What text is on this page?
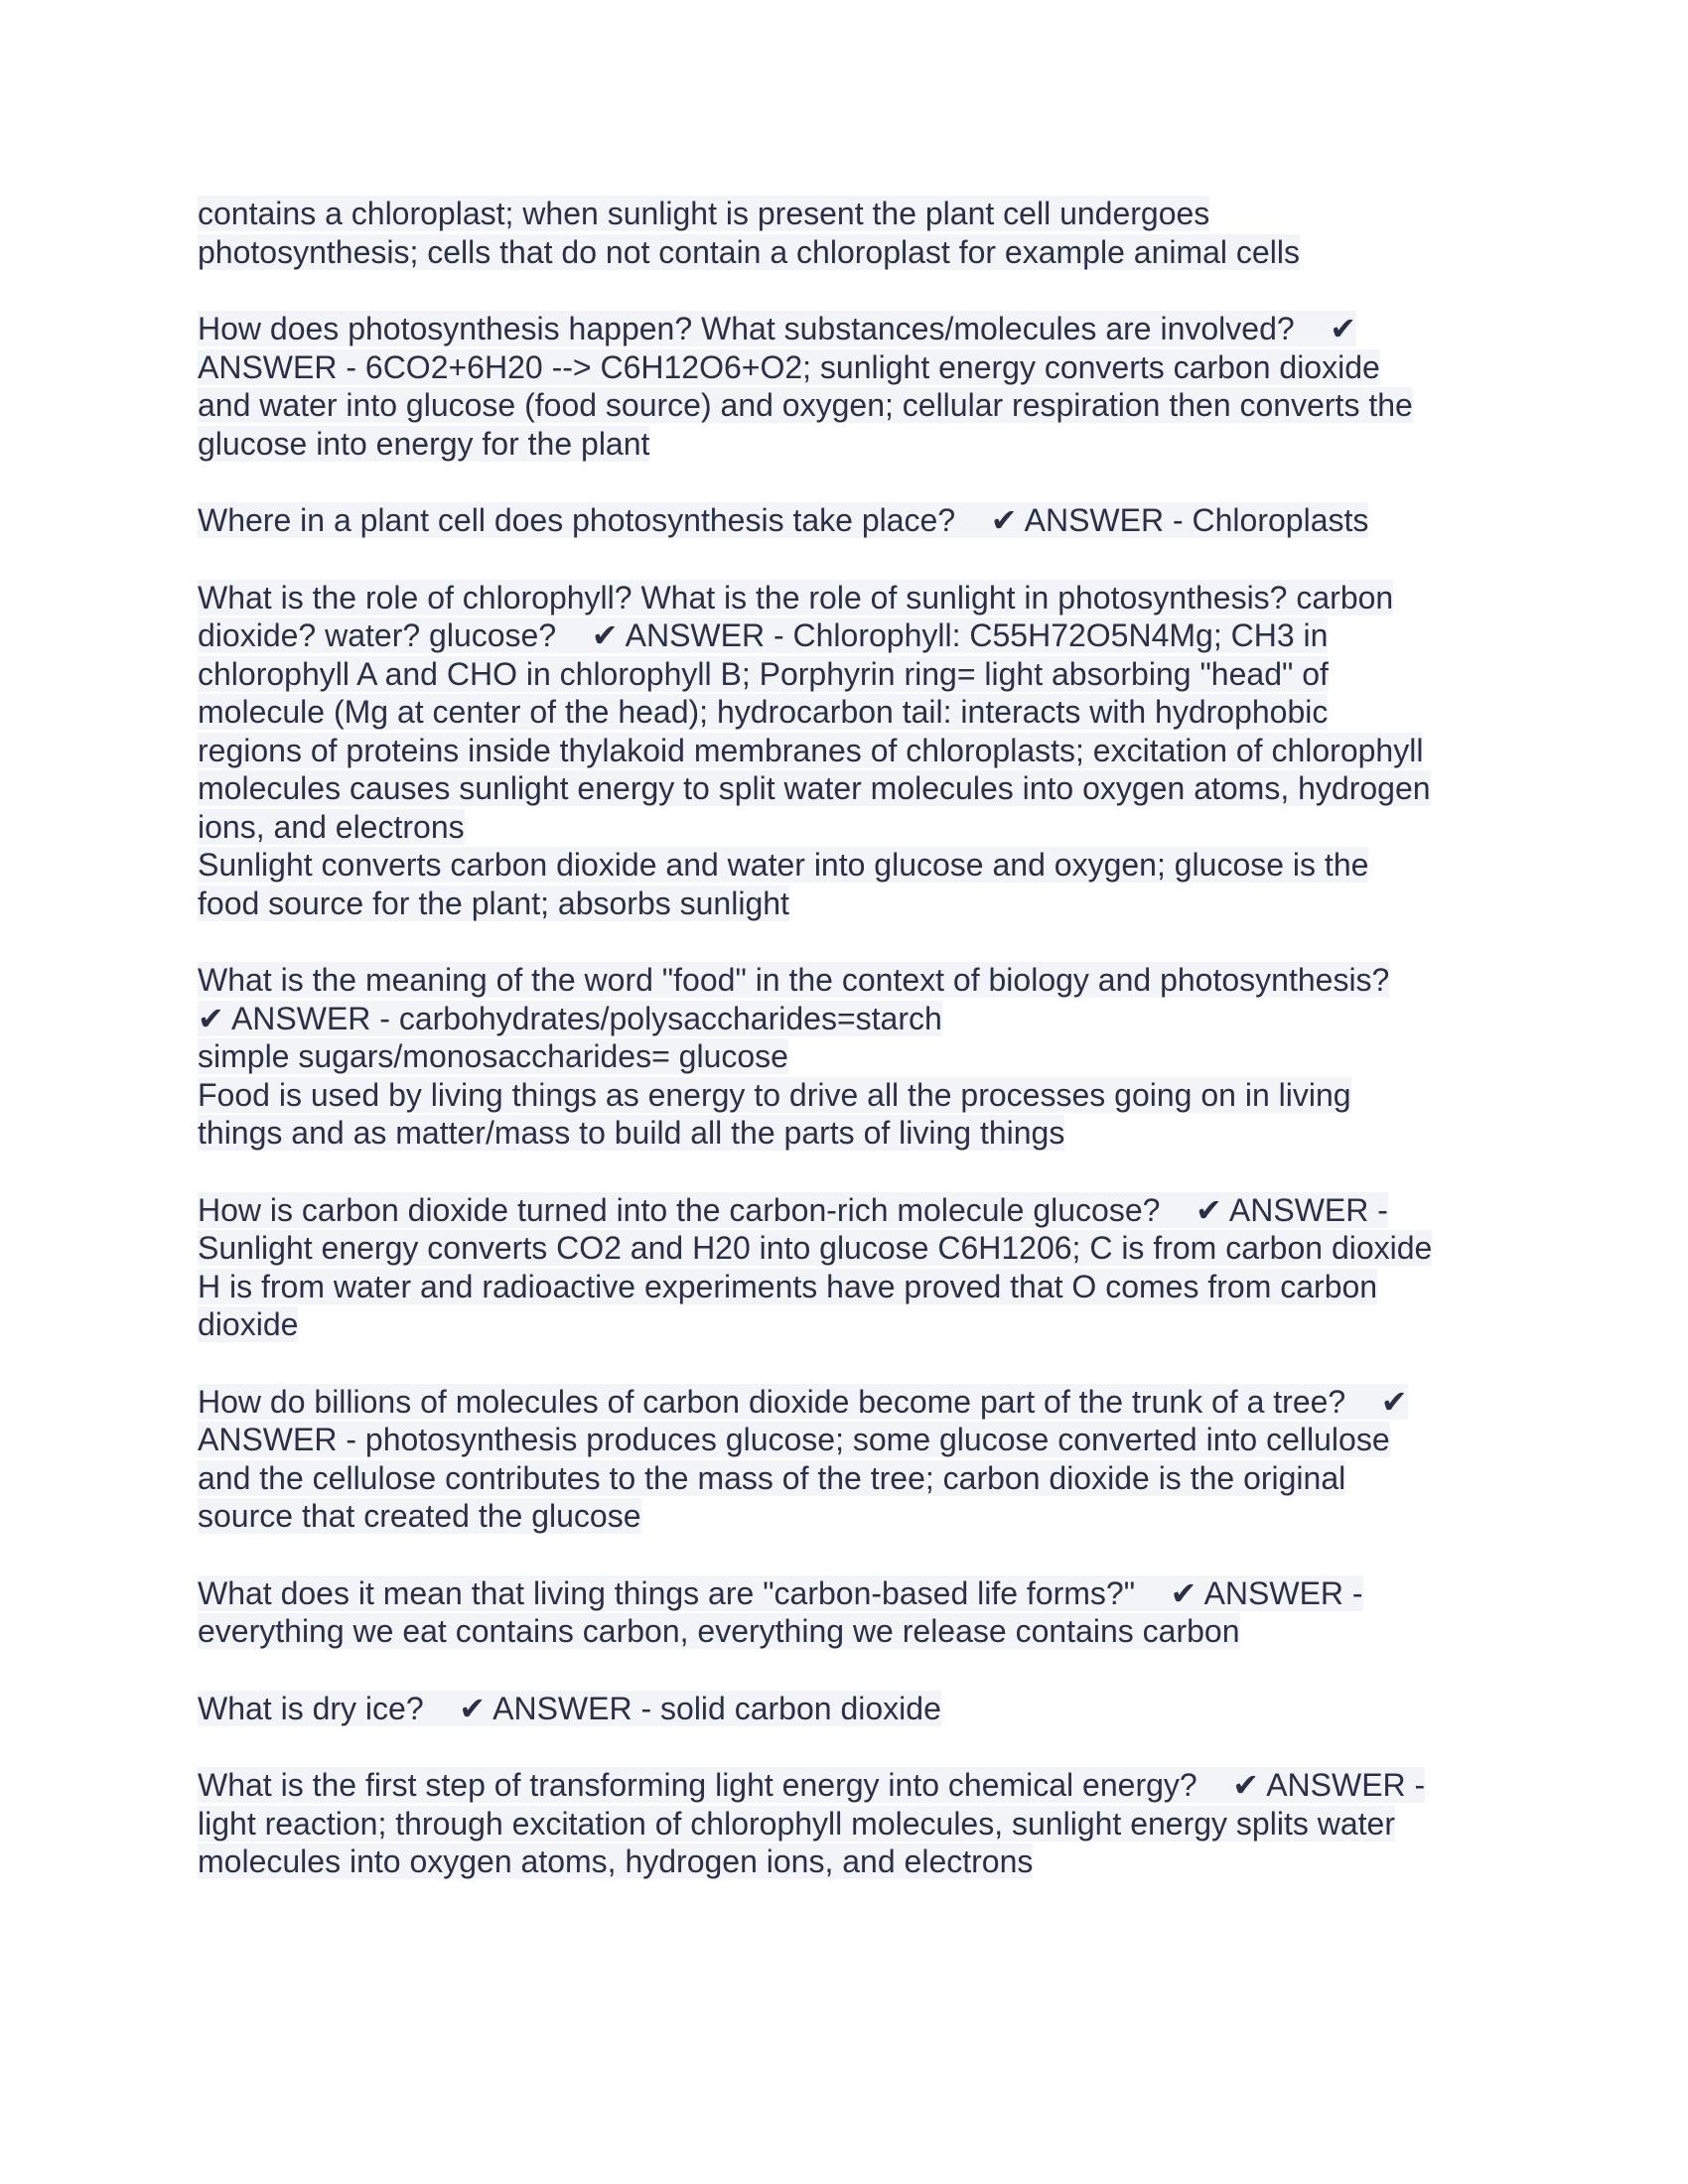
contains a chloroplast; when sunlight is present the plant cell undergoes
photosynthesis; cells that do not contain a chloroplast for example animal cells
How does photosynthesis happen? What substances/molecules are involved?    ✔
ANSWER - 6CO2+6H20 --> C6H12O6+O2; sunlight energy converts carbon dioxide
and water into glucose (food source) and oxygen; cellular respiration then converts the
glucose into energy for the plant
Where in a plant cell does photosynthesis take place?    ✔ ANSWER - Chloroplasts
What is the role of chlorophyll? What is the role of sunlight in photosynthesis? carbon
dioxide? water? glucose?    ✔ ANSWER - Chlorophyll: C55H72O5N4Mg; CH3 in
chlorophyll A and CHO in chlorophyll B; Porphyrin ring= light absorbing "head" of
molecule (Mg at center of the head); hydrocarbon tail: interacts with hydrophobic
regions of proteins inside thylakoid membranes of chloroplasts; excitation of chlorophyll
molecules causes sunlight energy to split water molecules into oxygen atoms, hydrogen
ions, and electrons
Sunlight converts carbon dioxide and water into glucose and oxygen; glucose is the
food source for the plant; absorbs sunlight
What is the meaning of the word "food" in the context of biology and photosynthesis?
✔ ANSWER - carbohydrates/polysaccharides=starch
simple sugars/monosaccharides= glucose
Food is used by living things as energy to drive all the processes going on in living
things and as matter/mass to build all the parts of living things
How is carbon dioxide turned into the carbon-rich molecule glucose?    ✔ ANSWER -
Sunlight energy converts CO2 and H20 into glucose C6H1206; C is from carbon dioxide
H is from water and radioactive experiments have proved that O comes from carbon
dioxide
How do billions of molecules of carbon dioxide become part of the trunk of a tree?    ✔
ANSWER - photosynthesis produces glucose; some glucose converted into cellulose
and the cellulose contributes to the mass of the tree; carbon dioxide is the original
source that created the glucose
What does it mean that living things are "carbon-based life forms?"    ✔ ANSWER -
everything we eat contains carbon, everything we release contains carbon
What is dry ice?    ✔ ANSWER - solid carbon dioxide
What is the first step of transforming light energy into chemical energy?    ✔ ANSWER -
light reaction; through excitation of chlorophyll molecules, sunlight energy splits water
molecules into oxygen atoms, hydrogen ions, and electrons
